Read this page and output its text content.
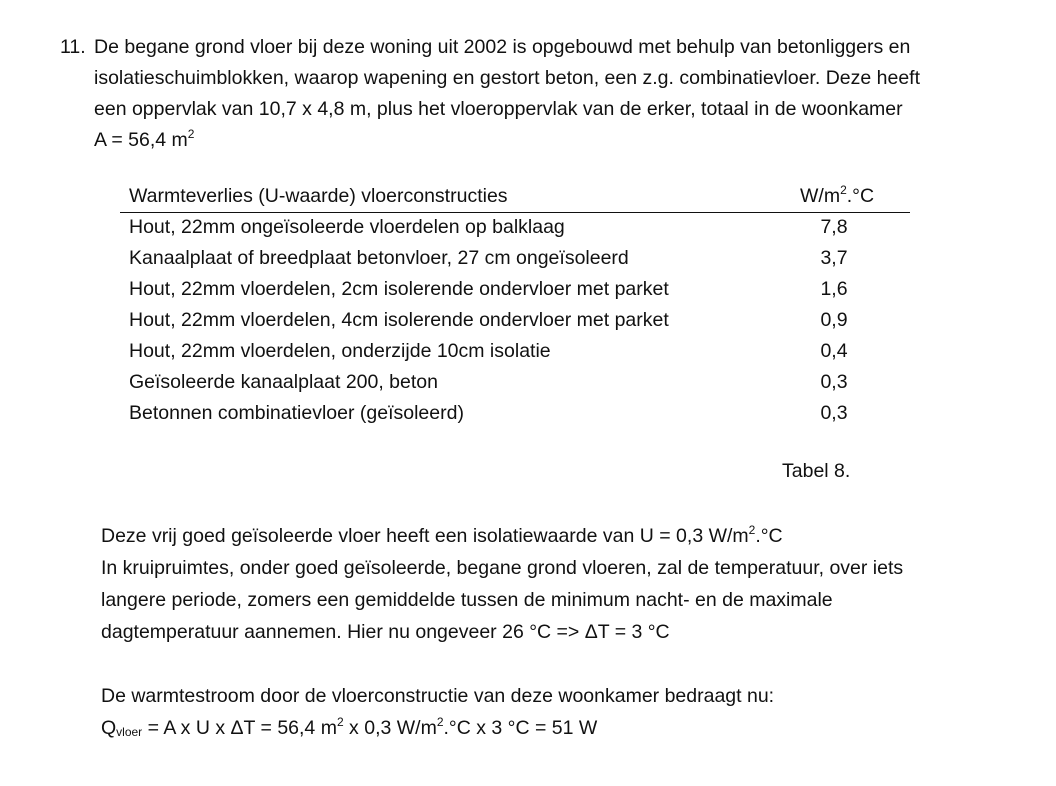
11. De begane grond vloer bij deze woning uit 2002 is opgebouwd met behulp van betonliggers en

isolatieschuimblokken, waarop wapening en gestort beton, een z.g. combinatievloer. Deze heeft

een oppervlak van 10,7 x 4,8 m, plus het vloeroppervlak van de erker, totaal in de woonkamer

A = 56,4 $m^2$

Warmteverlies (U-waarde) vloerconstructies	$W/m^2.^\circ C$
Hout, 22mm ongeïsoleerde vloerdelen op balklaag	7,8
Kanaalplaat of breedplaat betonvloer, 27 cm ongeïsoleerd	3,7
Hout, 22mm vloerdelen, 2cm isolerende ondervloer met parket	1,6
Hout, 22mm vloerdelen, 4cm isolerende ondervloer met parket	0,9
Hout, 22mm vloerdelen, onderzijde 10cm isolatie	0,4
Geïsoleerde kanaalplaat 200, beton	0,3
Betonnen combinatievloer (geïsoleerd)	0,3
Tabel 8.

Deze vrij goed geïsoleerde vloer heeft een isolatiewaarde van U = 0,3 $W/m^2.^\circ C$

In kruipruimtes, onder goed geïsoleerde, begane grond vloeren, zal de temperatuur, over iets

langere periode, zomers een gemiddelde tussen de minimum nacht- en de maximale

dagtemperatuur aannemen. Hier nu ongeveer 26 °C => ΔT = 3 °C

De warmtestroom door de vloerconstructie van deze woonkamer bedraagt nu:

$Q_{vloer} = A$ x U x ΔT = 56,4 $m^2$ x 0,3 $W/m^2.^\circ C$ x 3 °C = 51 W
